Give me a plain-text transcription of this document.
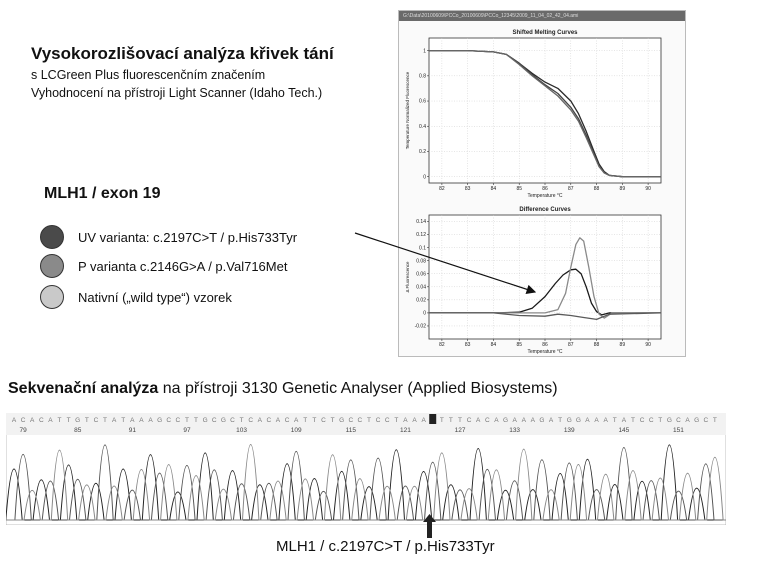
Vysokorozlišovací analýza křivek tání
s LCGreen Plus fluorescenčním značením
Vyhodnocení na přístroji Light Scanner (Idaho Tech.)
MLH1 / exon 19
UV varianta: c.2197C>T / p.His733Tyr
P varianta c.2146G>A / p.Val716Met
Nativní („wild type“) vzorek
G:\Data\20100609\PCCo_20100609\PCCo_12345\2009_11_04_02_42_04.ami
Shifted Melting Curves
82	83	84	85	86	87	88	89	90
0
0.2
0.4
0.6
0.8
1
Temperature °C
Temperature Normalized Fluorescence
Difference Curves
82	83	84	85	86	87	88	89	90
-0.02
0
0.02
0.04
0.06
0.08
0.1
0.12
0.14
Temperature °C
Δ Fluorescence
Sekvenační analýza na přístroji 3130 Genetic Analyser (Applied Biosystems)
A C A C A T T G T C T A T A A A G C C T T G C G C T C A C A C A T T C T G C C T C C T A A A T T T C A C A G A A A G A T G G A A A T A T C C T G C A G C T
79	85	91	97	103	109	115	121	127	133	139	145	151
MLH1 / c.2197C>T / p.His733Tyr
